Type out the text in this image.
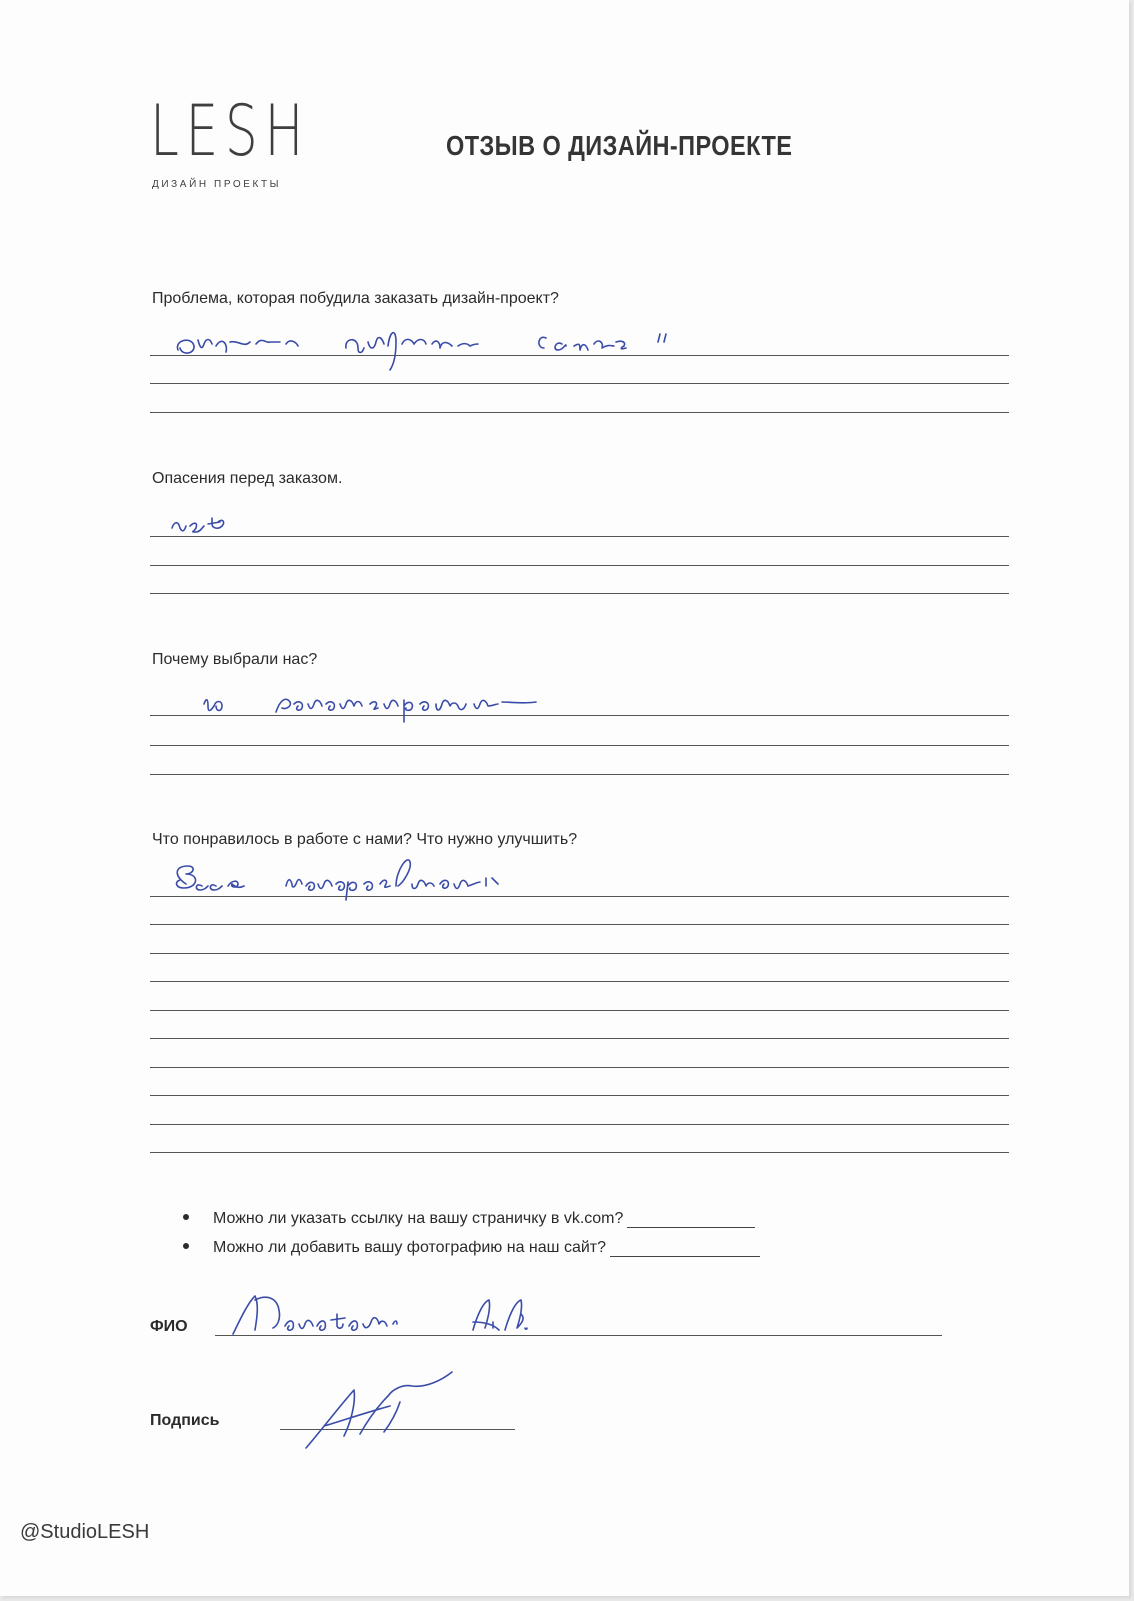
LESH
ДИЗАЙН ПРОЕКТЫ
ОТЗЫВ О ДИЗАЙН-ПРОЕКТЕ
Проблема, которая побудила заказать дизайн-проект?
Опасения перед заказом.
Почему выбрали нас?
Что понравилось в работе с нами? Что нужно улучшить?
Можно ли указать ссылку на вашу страничку в vk.com?
Можно ли добавить вашу фотографию на наш сайт?
ФИО
Подпись
@StudioLESH
